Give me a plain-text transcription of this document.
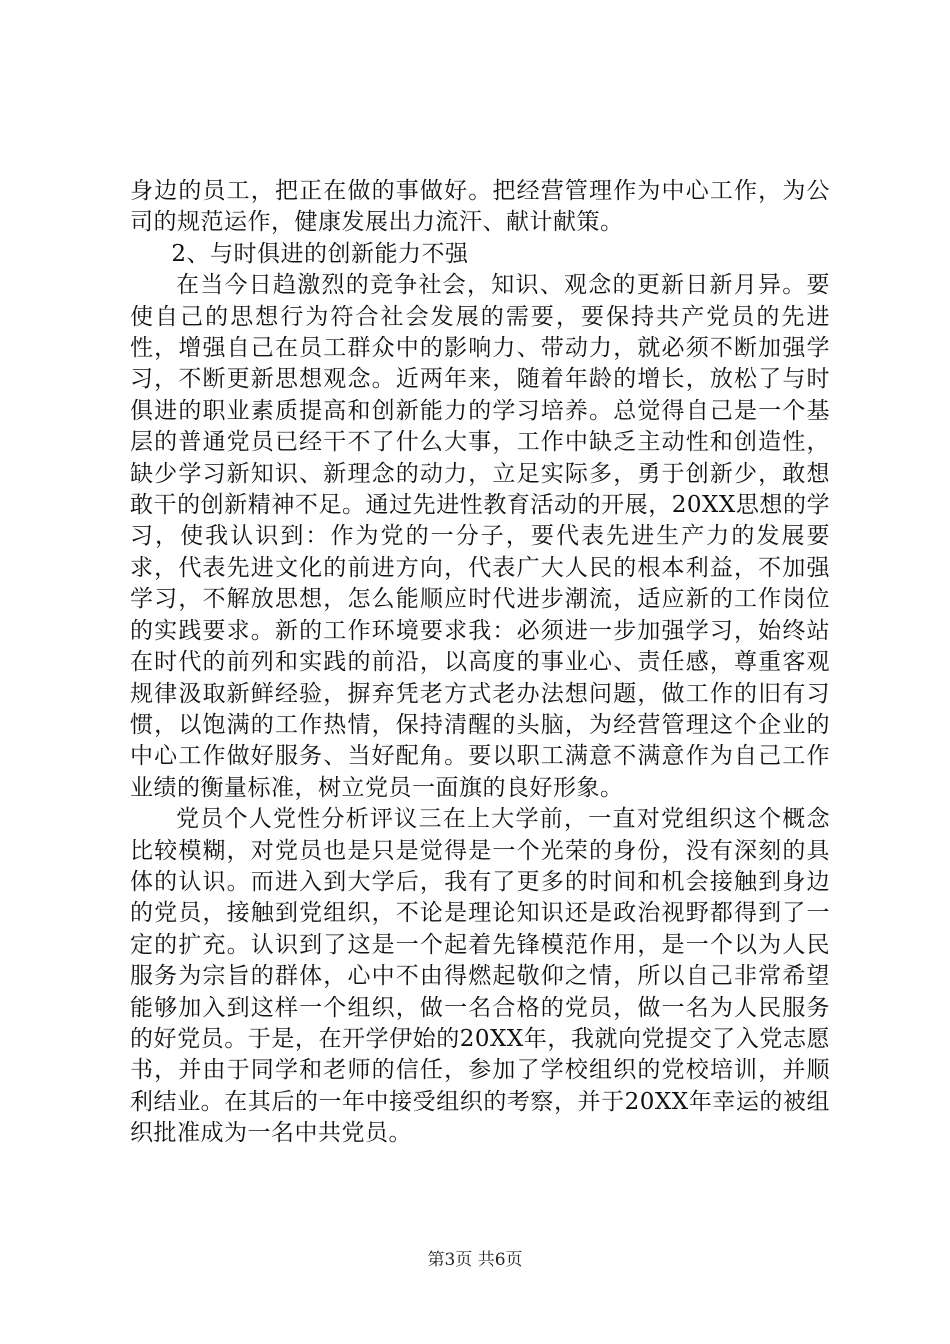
身边的员工，把正在做的事做好。把经营管理作为中心工作，为公司的规范运作，健康发展出力流汗、献计献策。

2、与时俱进的创新能力不强

在当今日趋激烈的竞争社会，知识、观念的更新日新月异。要使自己的思想行为符合社会发展的需要，要保持共产党员的先进性，增强自己在员工群众中的影响力、带动力，就必须不断加强学习，不断更新思想观念。近两年来，随着年龄的增长，放松了与时俱进的职业素质提高和创新能力的学习培养。总觉得自己是一个基层的普通党员已经干不了什么大事，工作中缺乏主动性和创造性，缺少学习新知识、新理念的动力，立足实际多，勇于创新少，敢想敢干的创新精神不足。通过先进性教育活动的开展，20XX思想的学习，使我认识到：作为党的一分子，要代表先进生产力的发展要求，代表先进文化的前进方向，代表广大人民的根本利益，不加强学习，不解放思想，怎么能顺应时代进步潮流，适应新的工作岗位的实践要求。新的工作环境要求我：必须进一步加强学习，始终站在时代的前列和实践的前沿，以高度的事业心、责任感，尊重客观规律汲取新鲜经验，摒弃凭老方式老办法想问题，做工作的旧有习惯，以饱满的工作热情，保持清醒的头脑，为经营管理这个企业的中心工作做好服务、当好配角。要以职工满意不满意作为自己工作业绩的衡量标准，树立党员一面旗的良好形象。

党员个人党性分析评议三在上大学前，一直对党组织这个概念比较模糊，对党员也是只是觉得是一个光荣的身份，没有深刻的具体的认识。而进入到大学后，我有了更多的时间和机会接触到身边的党员，接触到党组织，不论是理论知识还是政治视野都得到了一定的扩充。认识到了这是一个起着先锋模范作用，是一个以为人民服务为宗旨的群体，心中不由得燃起敬仰之情，所以自己非常希望能够加入到这样一个组织，做一名合格的党员，做一名为人民服务的好党员。于是，在开学伊始的20XX年，我就向党提交了入党志愿书，并由于同学和老师的信任，参加了学校组织的党校培训，并顺利结业。在其后的一年中接受组织的考察，并于20XX年幸运的被组织批准成为一名中共党员。

第3页 共6页
